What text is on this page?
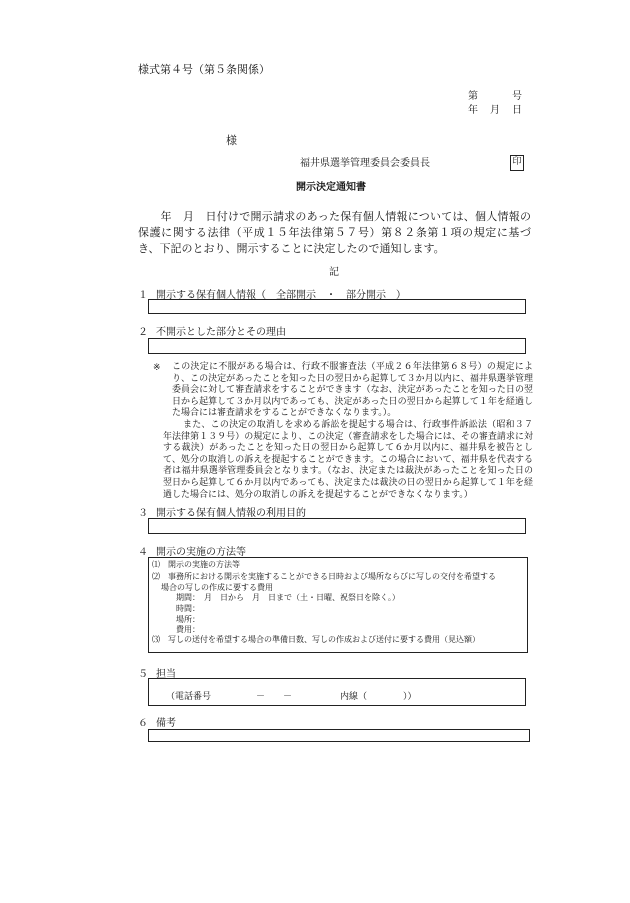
様式第４号（第５条関係）
第	号
年 月 日
様
福井県選挙管理委員会委員長	印
開示決定通知書
　　年　月　日付けで開示請求のあった保有個人情報については、個人情報の保護に関する法律（平成１５年法律第５７号）第８２条第１項の規定に基づき、下記のとおり、開示することに決定したので通知します。
記
１ 開示する保有個人情報（　全部開示　・　部分開示　）
２ 不開示とした部分とその理由
※ この決定に不服がある場合は、行政不服審査法（平成２６年法律第６８号）の規定により、この決定があったことを知った日の翌日から起算して３か月以内に、福井県選挙管理委員会に対して審査請求をすることができます（なお、決定があったことを知った日の翌日から起算して３か月以内であっても、決定があった日の翌日から起算して１年を経過した場合には審査請求をすることができなくなります。）。
また、この決定の取消しを求める訴訟を提起する場合は、行政事件訴訟法（昭和３７年法律第１３９号）の規定により、この決定（審査請求をした場合には、その審査請求に対する裁決）があったことを知った日の翌日から起算して６か月以内に、福井県を被告として、処分の取消しの訴えを提起することができます。この場合において、福井県を代表する者は福井県選挙管理委員会となります。（なお、決定または裁決があったことを知った日の翌日から起算して６か月以内であっても、決定または裁決の日の翌日から起算して１年を経過した場合には、処分の取消しの訴えを提起することができなくなります。）
３ 開示する保有個人情報の利用目的
４ 開示の実施の方法等
⑴　開示の実施の方法等
⑵　事務所における開示を実施することができる日時および場所ならびに写しの交付を希望する
場合の写しの作成に要する費用
期間：　月　日から　月　日まで（土・日曜、祝祭日を除く。）
時間：
場所：
費用：
⑶　写しの送付を希望する場合の準備日数、写しの作成および送付に要する費用（見込額）
５ 担当
（電話番号　　　　　－　　－	内線（　　　　））
６ 備考
